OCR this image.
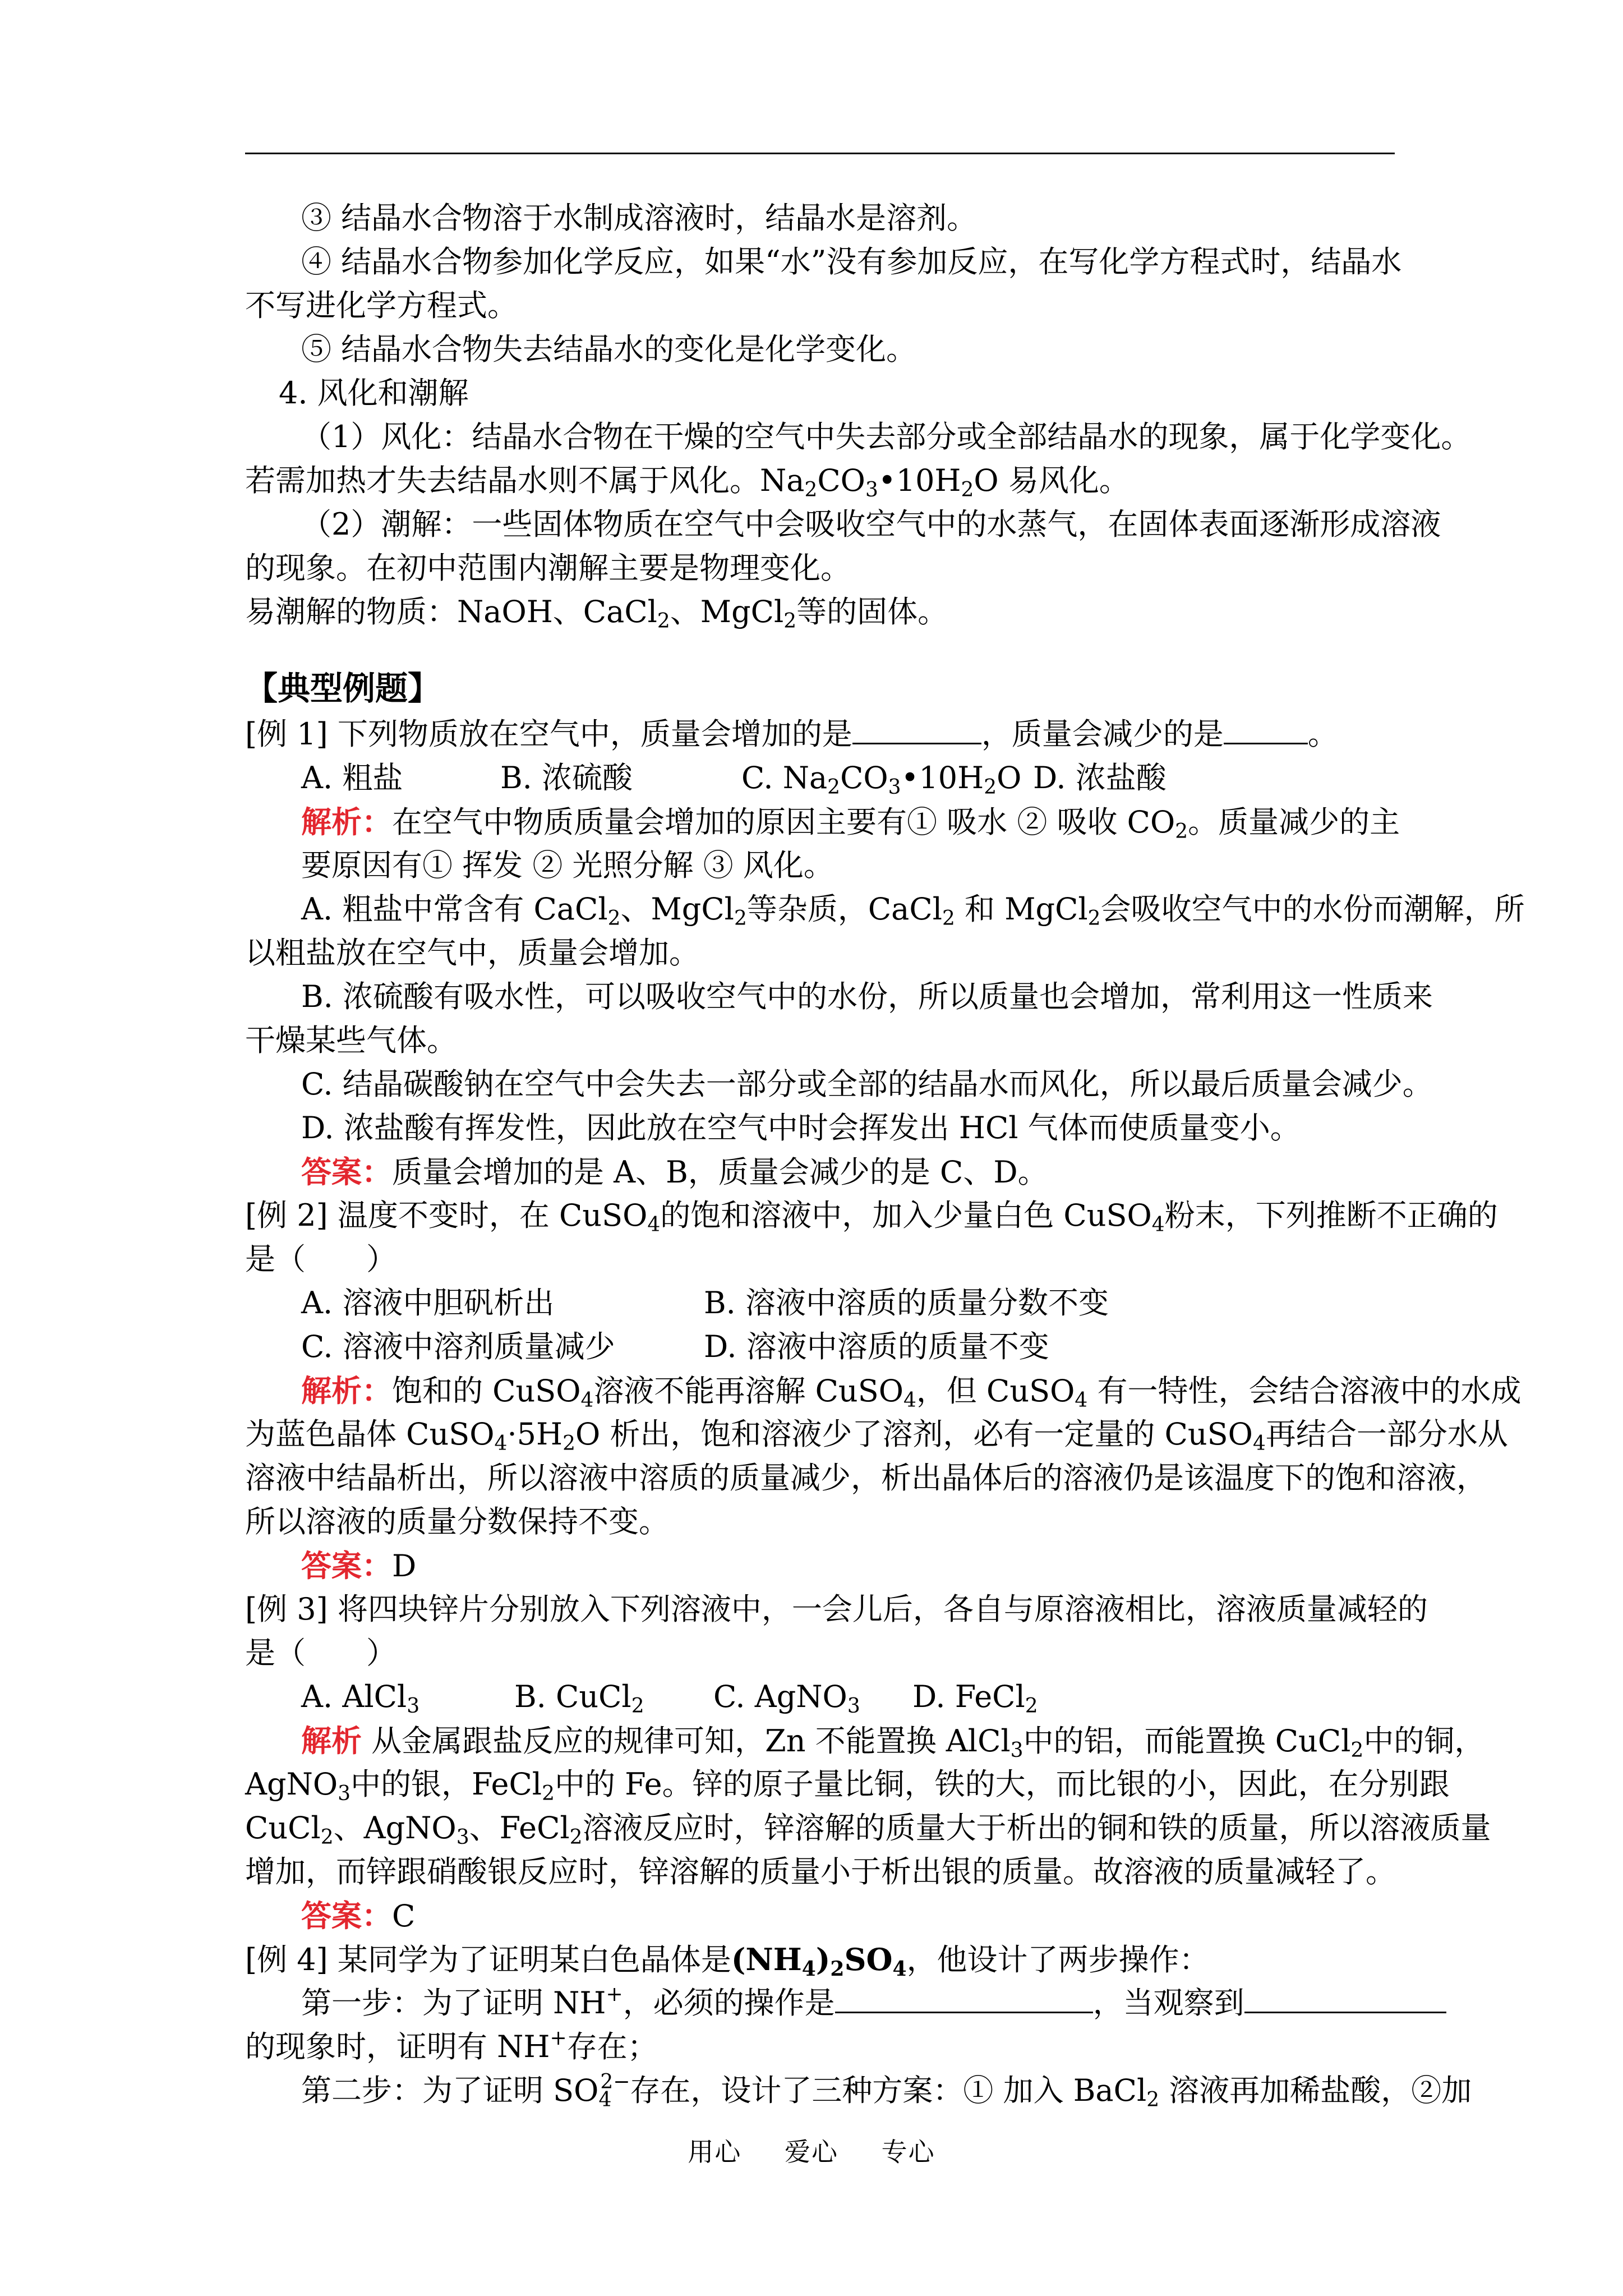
③ 结晶水合物溶于水制成溶液时，结晶水是溶剂。
④ 结晶水合物参加化学反应，如果“水”没有参加反应，在写化学方程式时，结晶水
不写进化学方程式。
⑤ 结晶水合物失去结晶水的变化是化学变化。
4. 风化和潮解
（1）风化：结晶水合物在干燥的空气中失去部分或全部结晶水的现象，属于化学变化。
若需加热才失去结晶水则不属于风化。$Na_2CO_3•10H_2O$ 易风化。
（2）潮解：一些固体物质在空气中会吸收空气中的水蒸气，在固体表面逐渐形成溶液
的现象。在初中范围内潮解主要是物理变化。
易潮解的物质：NaOH、CaCl$_2$、MgCl$_2$等的固体。
【典型例题】
[例 1] 下列物质放在空气中，质量会增加的是	，质量会减少的是	。
A. 粗盐	B. 浓硫酸	C. $Na_2CO_3•10H_2O$ D. 浓盐酸
解析：在空气中物质质量会增加的原因主要有① 吸水 ② 吸收 $CO_2$。质量减少的主
要原因有① 挥发 ② 光照分解 ③ 风化。
A. 粗盐中常含有 CaCl$_2$、MgCl$_2$等杂质，CaCl$_2$ 和 MgCl$_2$会吸收空气中的水份而潮解，所
以粗盐放在空气中，质量会增加。
B. 浓硫酸有吸水性，可以吸收空气中的水份，所以质量也会增加，常利用这一性质来
干燥某些气体。
C. 结晶碳酸钠在空气中会失去一部分或全部的结晶水而风化，所以最后质量会减少。
D. 浓盐酸有挥发性，因此放在空气中时会挥发出 HCl 气体而使质量变小。
答案：质量会增加的是 A、B，质量会减少的是 C、D。
[例 2] 温度不变时，在 CuSO$_4$的饱和溶液中，加入少量白色 CuSO$_4$粉末，下列推断不正确的
是（　　）
A. 溶液中胆矾析出	B. 溶液中溶质的质量分数不变
C. 溶液中溶剂质量减少	D. 溶液中溶质的质量不变
解析：饱和的 CuSO$_4$溶液不能再溶解 CuSO$_4$，但 CuSO$_4$ 有一特性，会结合溶液中的水成
为蓝色晶体 $CuSO_4\cdot 5H_2O$ 析出，饱和溶液少了溶剂，必有一定量的 CuSO$_4$再结合一部分水从
溶液中结晶析出，所以溶液中溶质的质量减少，析出晶体后的溶液仍是该温度下的饱和溶液，
所以溶液的质量分数保持不变。
答案：D
[例 3] 将四块锌片分别放入下列溶液中，一会儿后，各自与原溶液相比，溶液质量减轻的
是（　　）
A. AlCl$_3$	B. CuCl$_2$ C. AgNO$_3$ D. FeCl$_2$
解析 从金属跟盐反应的规律可知，Zn 不能置换 AlCl$_3$中的铝，而能置换 CuCl$_2$中的铜，
AgNO$_3$中的银，FeCl$_2$中的 Fe。锌的原子量比铜，铁的大，而比银的小，因此，在分别跟
CuCl$_2$、AgNO$_3$、FeCl$_2$溶液反应时，锌溶解的质量大于析出的铜和铁的质量，所以溶液质量
增加，而锌跟硝酸银反应时，锌溶解的质量小于析出银的质量。故溶液的质量减轻了。
答案：C
[例 4] 某同学为了证明某白色晶体是$(NH_4)_2SO_4$，他设计了两步操作：
第一步：为了证明 NH+，必须的操作是	，当观察到
的现象时，证明有 NH+存在；
第二步：为了证明 $SO_4^{2-}$存在，设计了三种方案：① 加入 BaCl$_2$ 溶液再加稀盐酸，②加
用心 爱心 专心
